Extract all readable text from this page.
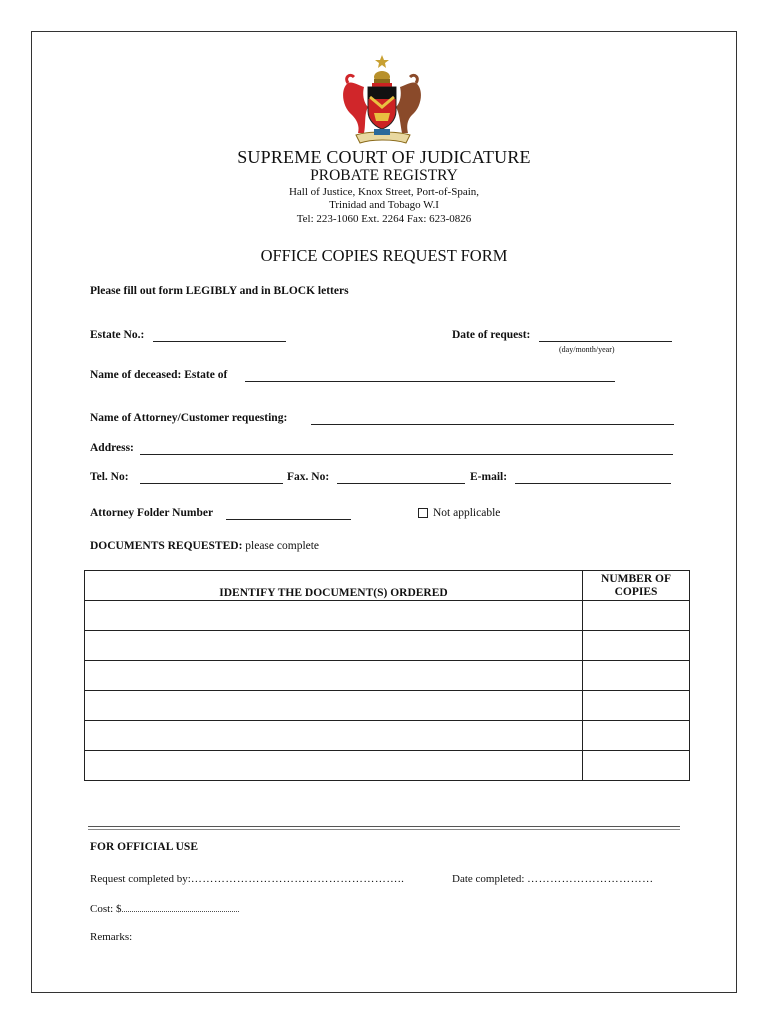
SUPREME COURT OF JUDICATURE
PROBATE REGISTRY
Hall of Justice, Knox Street, Port-of-Spain,
Trinidad and Tobago W.I
Tel: 223-1060 Ext. 2264 Fax: 623-0826
OFFICE COPIES REQUEST FORM
Please fill out form LEGIBLY and in BLOCK letters
Estate No.:	Date of request:
(day/month/year)
Name of deceased: Estate of
Name of Attorney/Customer requesting:
Address:
Tel. No:	Fax. No:	E-mail:
Attorney Folder Number	Not applicable
DOCUMENTS REQUESTED: please complete
IDENTIFY THE DOCUMENT(S) ORDERED	NUMBER OF
COPIES

FOR OFFICIAL USE
Request completed by:………………………………………………..	Date completed: ……………………………
Cost: $...........................................................
Remarks:
